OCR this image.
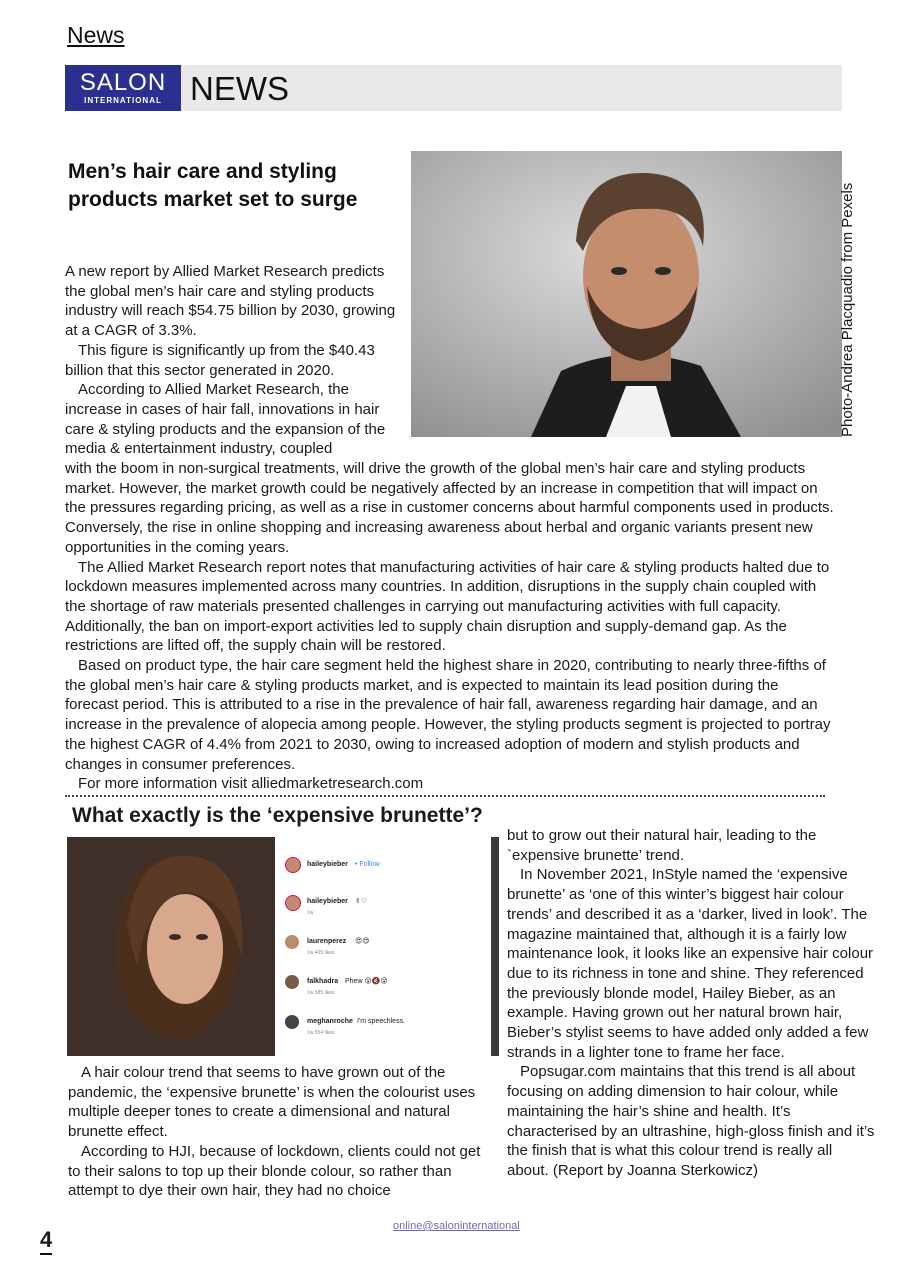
News
SALON
INTERNATIONAL NEWS
Men’s hair care and styling products market set to surge	Photo-Andrea Placquadio from Pexels

A new report by Allied Market Research predicts the global men’s hair care and styling products industry will reach $54.75 billion by 2030, growing at a CAGR of 3.3%.

This figure is significantly up from the $40.43 billion that this sector generated in 2020.

According to Allied Market Research, the increase in cases of hair fall, innovations in hair care & styling products and the expansion of the media & entertainment industry, coupled

with the boom in non-surgical treatments, will drive the growth of the global men’s hair care and styling products market. However, the market growth could be negatively affected by an increase in competition that will impact on the pressures regarding pricing, as well as a rise in customer concerns about harmful components used in products. Conversely, the rise in online shopping and increasing awareness about herbal and organic variants present new opportunities in the coming years.

The Allied Market Research report notes that manufacturing activities of hair care & styling products halted due to lockdown measures implemented across many countries. In addition, disruptions in the supply chain coupled with the shortage of raw materials presented challenges in carrying out manufacturing activities with full capacity. Additionally, the ban on import-export activities led to supply chain disruption and supply-demand gap. As the restrictions are lifted off, the supply chain will be restored.

Based on product type, the hair care segment held the highest share in 2020, contributing to nearly three-fifths of the global men’s hair care & styling products market, and is expected to maintain its lead position during the forecast period. This is attributed to a rise in the prevalence of hair fall, awareness regarding hair damage, and an increase in the prevalence of alopecia among people. However, the styling products segment is projected to portray the highest CAGR of 4.4% from 2021 to 2030, owing to increased adoption of modern and stylish products and changes in consumer preferences.

For more information visit alliedmarketresearch.com

What exactly is the ‘expensive brunette’?
haileybieber • Follow
haileybieber ✌♡
1w
laurenperez 😍😍
1w 405 likes
falkhadra Phew 😮🔇😮
1w 585 likes
meghanroche I'm speechless.
1w 554 likes

A hair colour trend that seems to have grown out of the pandemic, the ‘expensive brunette’ is when the colourist uses multiple deeper tones to create a dimensional and natural brunette effect.

According to HJI, because of lockdown, clients could not get to their salons to top up their blonde colour, so rather than attempt to dye their own hair, they had no choice

but to grow out their natural hair, leading to the `expensive brunette’ trend.

In November 2021, InStyle named the ‘expensive brunette’ as ‘one of this winter’s biggest hair colour trends’ and described it as a ‘darker, lived in look’. The magazine maintained that, although it is a fairly low maintenance look, it looks like an expensive hair colour due to its richness in tone and shine. They referenced the previously blonde model, Hailey Bieber, as an example. Having grown out her natural brown hair, Bieber’s stylist seems to have added only added a few strands in a lighter tone to frame her face.

Popsugar.com maintains that this trend is all about focusing on adding dimension to hair colour, while maintaining the hair’s shine and health. It’s characterised by an ultrashine, high-gloss finish and it’s the finish that is what this colour trend is really all about. (Report by Joanna Sterkowicz)

online@saloninternational
4
